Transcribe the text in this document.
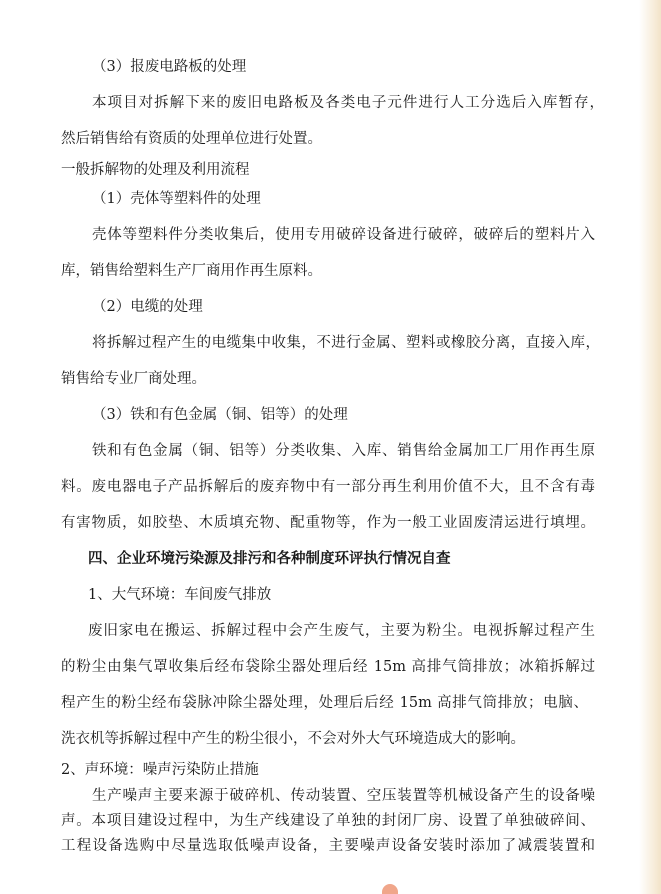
（3）报废电路板的处理
本项目对拆解下来的废旧电路板及各类电子元件进行人工分选后入库暂存，
然后销售给有资质的处理单位进行处置。
一般拆解物的处理及利用流程
（1）壳体等塑料件的处理
壳体等塑料件分类收集后，使用专用破碎设备进行破碎，破碎后的塑料片入
库，销售给塑料生产厂商用作再生原料。
（2）电缆的处理
将拆解过程产生的电缆集中收集，不进行金属、塑料或橡胶分离，直接入库，
销售给专业厂商处理。
（3）铁和有色金属（铜、铝等）的处理
铁和有色金属（铜、铝等）分类收集、入库、销售给金属加工厂用作再生原
料。废电器电子产品拆解后的废弃物中有一部分再生利用价值不大，且不含有毒
有害物质，如胶垫、木质填充物、配重物等，作为一般工业固废清运进行填埋。
四、企业环境污染源及排污和各种制度环评执行情况自查
1、大气环境：车间废气排放
废旧家电在搬运、拆解过程中会产生废气，主要为粉尘。电视拆解过程产生
的粉尘由集气罩收集后经布袋除尘器处理后经 15m 高排气筒排放；冰箱拆解过
程产生的粉尘经布袋脉冲除尘器处理，处理后后经 15m 高排气筒排放；电脑、
洗衣机等拆解过程中产生的粉尘很小，不会对外大气环境造成大的影响。
2、声环境：噪声污染防止措施
生产噪声主要来源于破碎机、传动装置、空压装置等机械设备产生的设备噪
声。本项目建设过程中，为生产线建设了单独的封闭厂房、设置了单独破碎间、
工程设备选购中尽量选取低噪声设备，主要噪声设备安装时添加了减震装置和
